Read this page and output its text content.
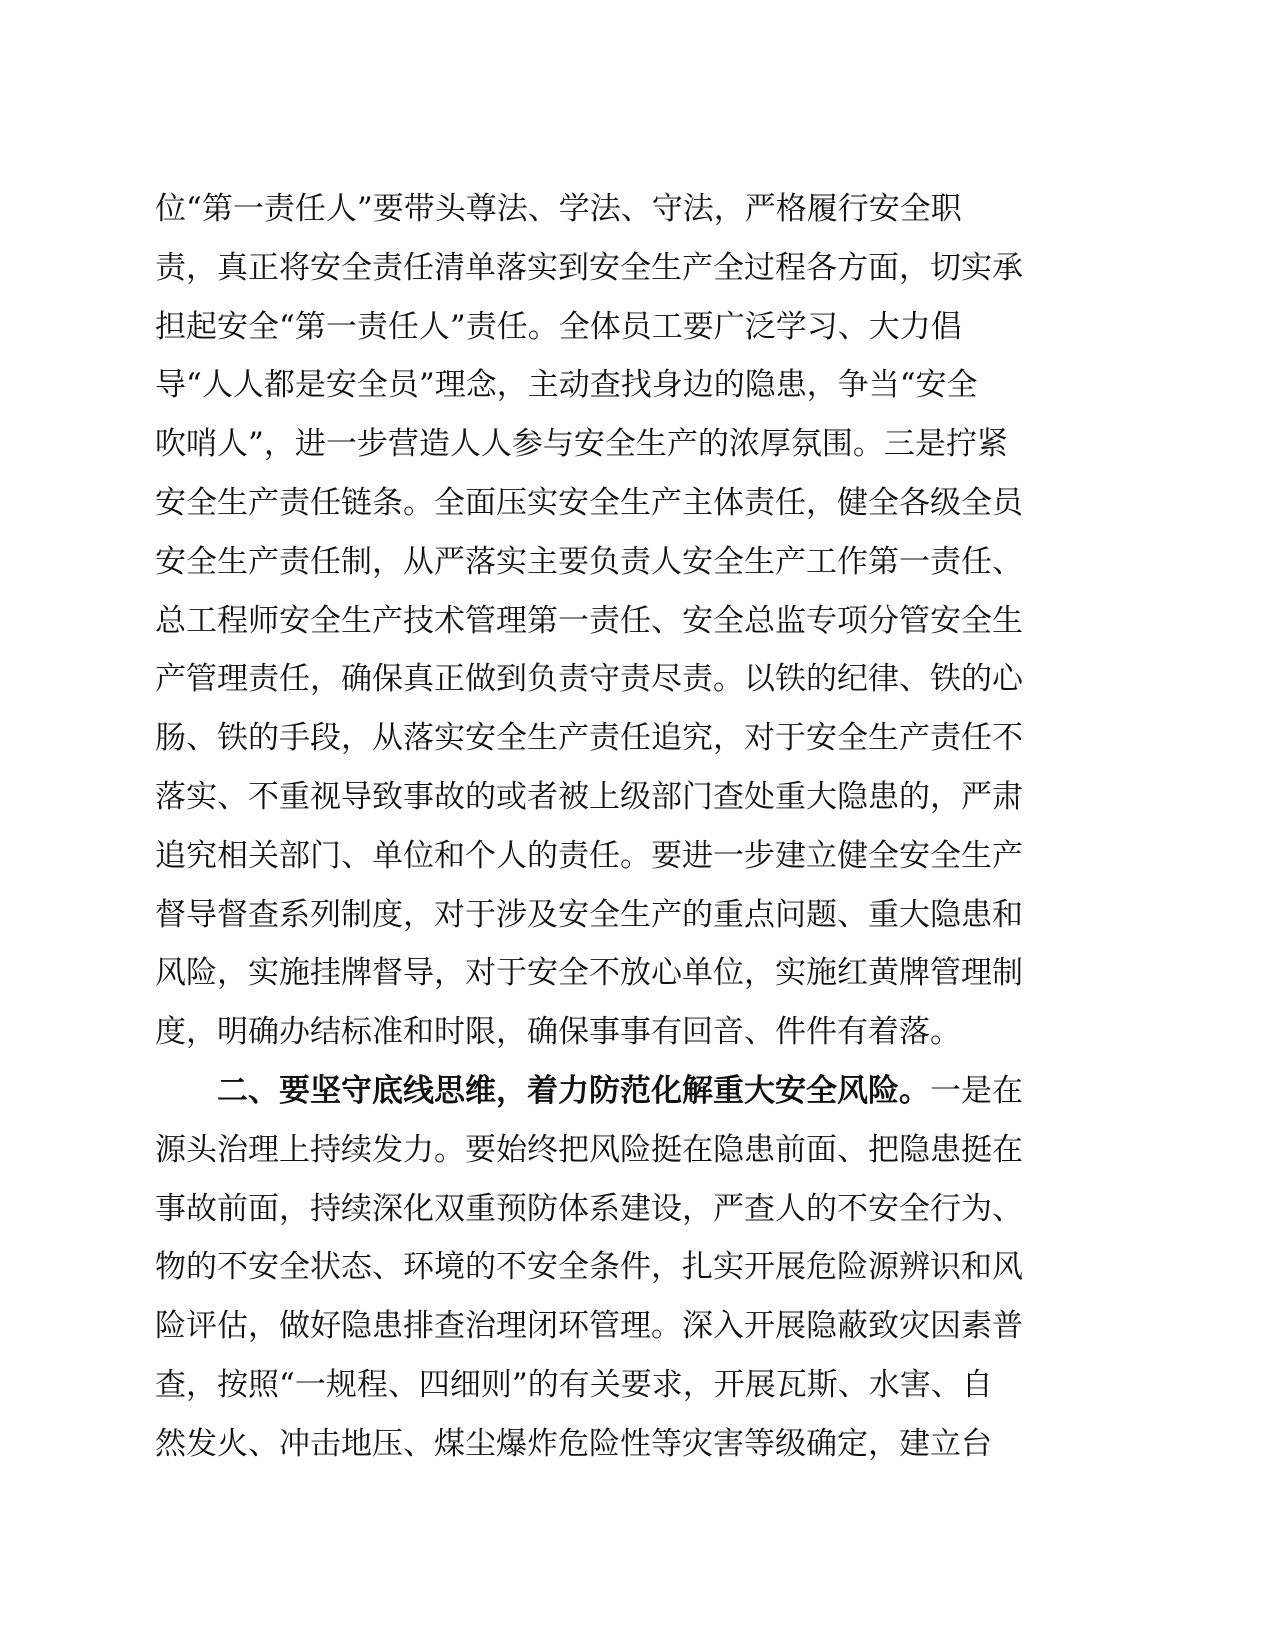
位“第一责任人”要带头尊法、学法、守法，严格履行安全职
责，真正将安全责任清单落实到安全生产全过程各方面，切实承
担起安全“第一责任人”责任。全体员工要广泛学习、大力倡
导“人人都是安全员”理念，主动查找身边的隐患，争当“安全
吹哨人”，进一步营造人人参与安全生产的浓厚氛围。三是拧紧
安全生产责任链条。全面压实安全生产主体责任，健全各级全员
安全生产责任制，从严落实主要负责人安全生产工作第一责任、
总工程师安全生产技术管理第一责任、安全总监专项分管安全生
产管理责任，确保真正做到负责守责尽责。以铁的纪律、铁的心
肠、铁的手段，从落实安全生产责任追究，对于安全生产责任不
落实、不重视导致事故的或者被上级部门查处重大隐患的，严肃
追究相关部门、单位和个人的责任。要进一步建立健全安全生产
督导督查系列制度，对于涉及安全生产的重点问题、重大隐患和
风险，实施挂牌督导，对于安全不放心单位，实施红黄牌管理制
度，明确办结标准和时限，确保事事有回音、件件有着落。
二、要坚守底线思维，着力防范化解重大安全风险。一是在
源头治理上持续发力。要始终把风险挺在隐患前面、把隐患挺在
事故前面，持续深化双重预防体系建设，严查人的不安全行为、
物的不安全状态、环境的不安全条件，扎实开展危险源辨识和风
险评估，做好隐患排查治理闭环管理。深入开展隐蔽致灾因素普
查，按照“一规程、四细则”的有关要求，开展瓦斯、水害、自
然发火、冲击地压、煤尘爆炸危险性等灾害等级确定，建立台
